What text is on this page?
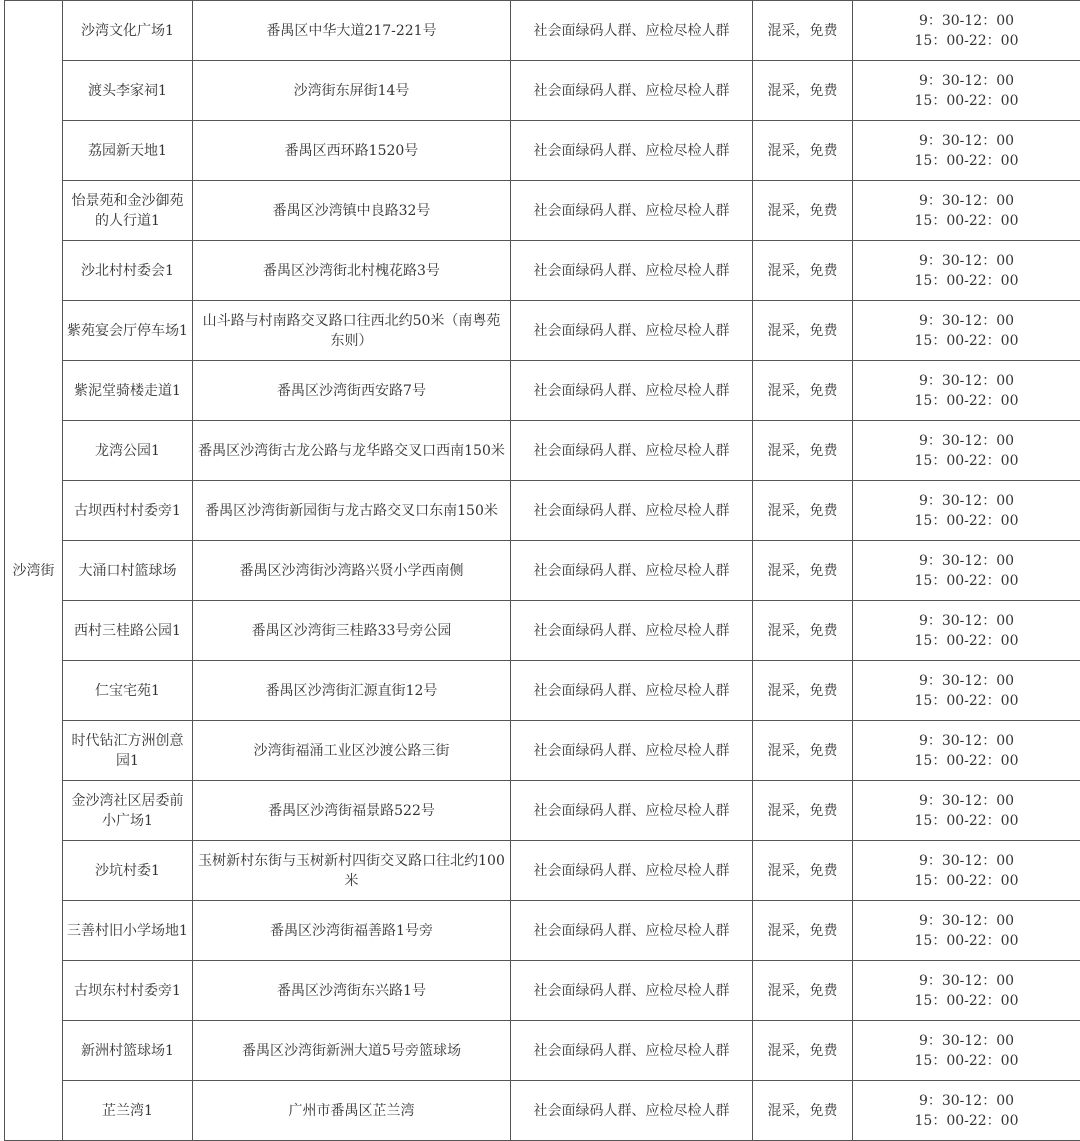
沙湾街	沙湾文化广场1	番禺区中华大道217-221号	社会面绿码人群、应检尽检人群	混采，免费	9：30-12：00
15：00-22：00

	渡头李家祠1	沙湾街东屏街14号	社会面绿码人群、应检尽检人群	混采，免费	9：30-12：00
15：00-22：00

	荔园新天地1	番禺区西环路1520号	社会面绿码人群、应检尽检人群	混采，免费	9：30-12：00
15：00-22：00

	怡景苑和金沙御苑的人行道1	番禺区沙湾镇中良路32号	社会面绿码人群、应检尽检人群	混采，免费	9：30-12：00
15：00-22：00

	沙北村村委会1	番禺区沙湾街北村槐花路3号	社会面绿码人群、应检尽检人群	混采，免费	9：30-12：00
15：00-22：00

	紫苑宴会厅停车场1	山斗路与村南路交叉路口往西北约50米（南粤苑东则）	社会面绿码人群、应检尽检人群	混采，免费	9：30-12：00
15：00-22：00

	紫泥堂骑楼走道1	番禺区沙湾街西安路7号	社会面绿码人群、应检尽检人群	混采，免费	9：30-12：00
15：00-22：00

	龙湾公园1	番禺区沙湾街古龙公路与龙华路交叉口西南150米	社会面绿码人群、应检尽检人群	混采，免费	9：30-12：00
15：00-22：00

	古坝西村村委旁1	番禺区沙湾街新园街与龙古路交叉口东南150米	社会面绿码人群、应检尽检人群	混采，免费	9：30-12：00
15：00-22：00

	大涌口村篮球场	番禺区沙湾街沙湾路兴贤小学西南侧	社会面绿码人群、应检尽检人群	混采，免费	9：30-12：00
15：00-22：00

	西村三桂路公园1	番禺区沙湾街三桂路33号旁公园	社会面绿码人群、应检尽检人群	混采，免费	9：30-12：00
15：00-22：00

	仁宝宅苑1	番禺区沙湾街汇源直街12号	社会面绿码人群、应检尽检人群	混采，免费	9：30-12：00
15：00-22：00

	时代钻汇方洲创意园1	沙湾街福涌工业区沙渡公路三街	社会面绿码人群、应检尽检人群	混采，免费	9：30-12：00
15：00-22：00

	金沙湾社区居委前小广场1	番禺区沙湾街福景路522号	社会面绿码人群、应检尽检人群	混采，免费	9：30-12：00
15：00-22：00

	沙坑村委1	玉树新村东街与玉树新村四街交叉路口往北约100米	社会面绿码人群、应检尽检人群	混采，免费	9：30-12：00
15：00-22：00

	三善村旧小学场地1	番禺区沙湾街福善路1号旁	社会面绿码人群、应检尽检人群	混采，免费	9：30-12：00
15：00-22：00

	古坝东村村委旁1	番禺区沙湾街东兴路1号	社会面绿码人群、应检尽检人群	混采，免费	9：30-12：00
15：00-22：00

	新洲村篮球场1	番禺区沙湾街新洲大道5号旁篮球场	社会面绿码人群、应检尽检人群	混采，免费	9：30-12：00
15：00-22：00

	芷兰湾1	广州市番禺区芷兰湾	社会面绿码人群、应检尽检人群	混采，免费	9：30-12：00
15：00-22：00
